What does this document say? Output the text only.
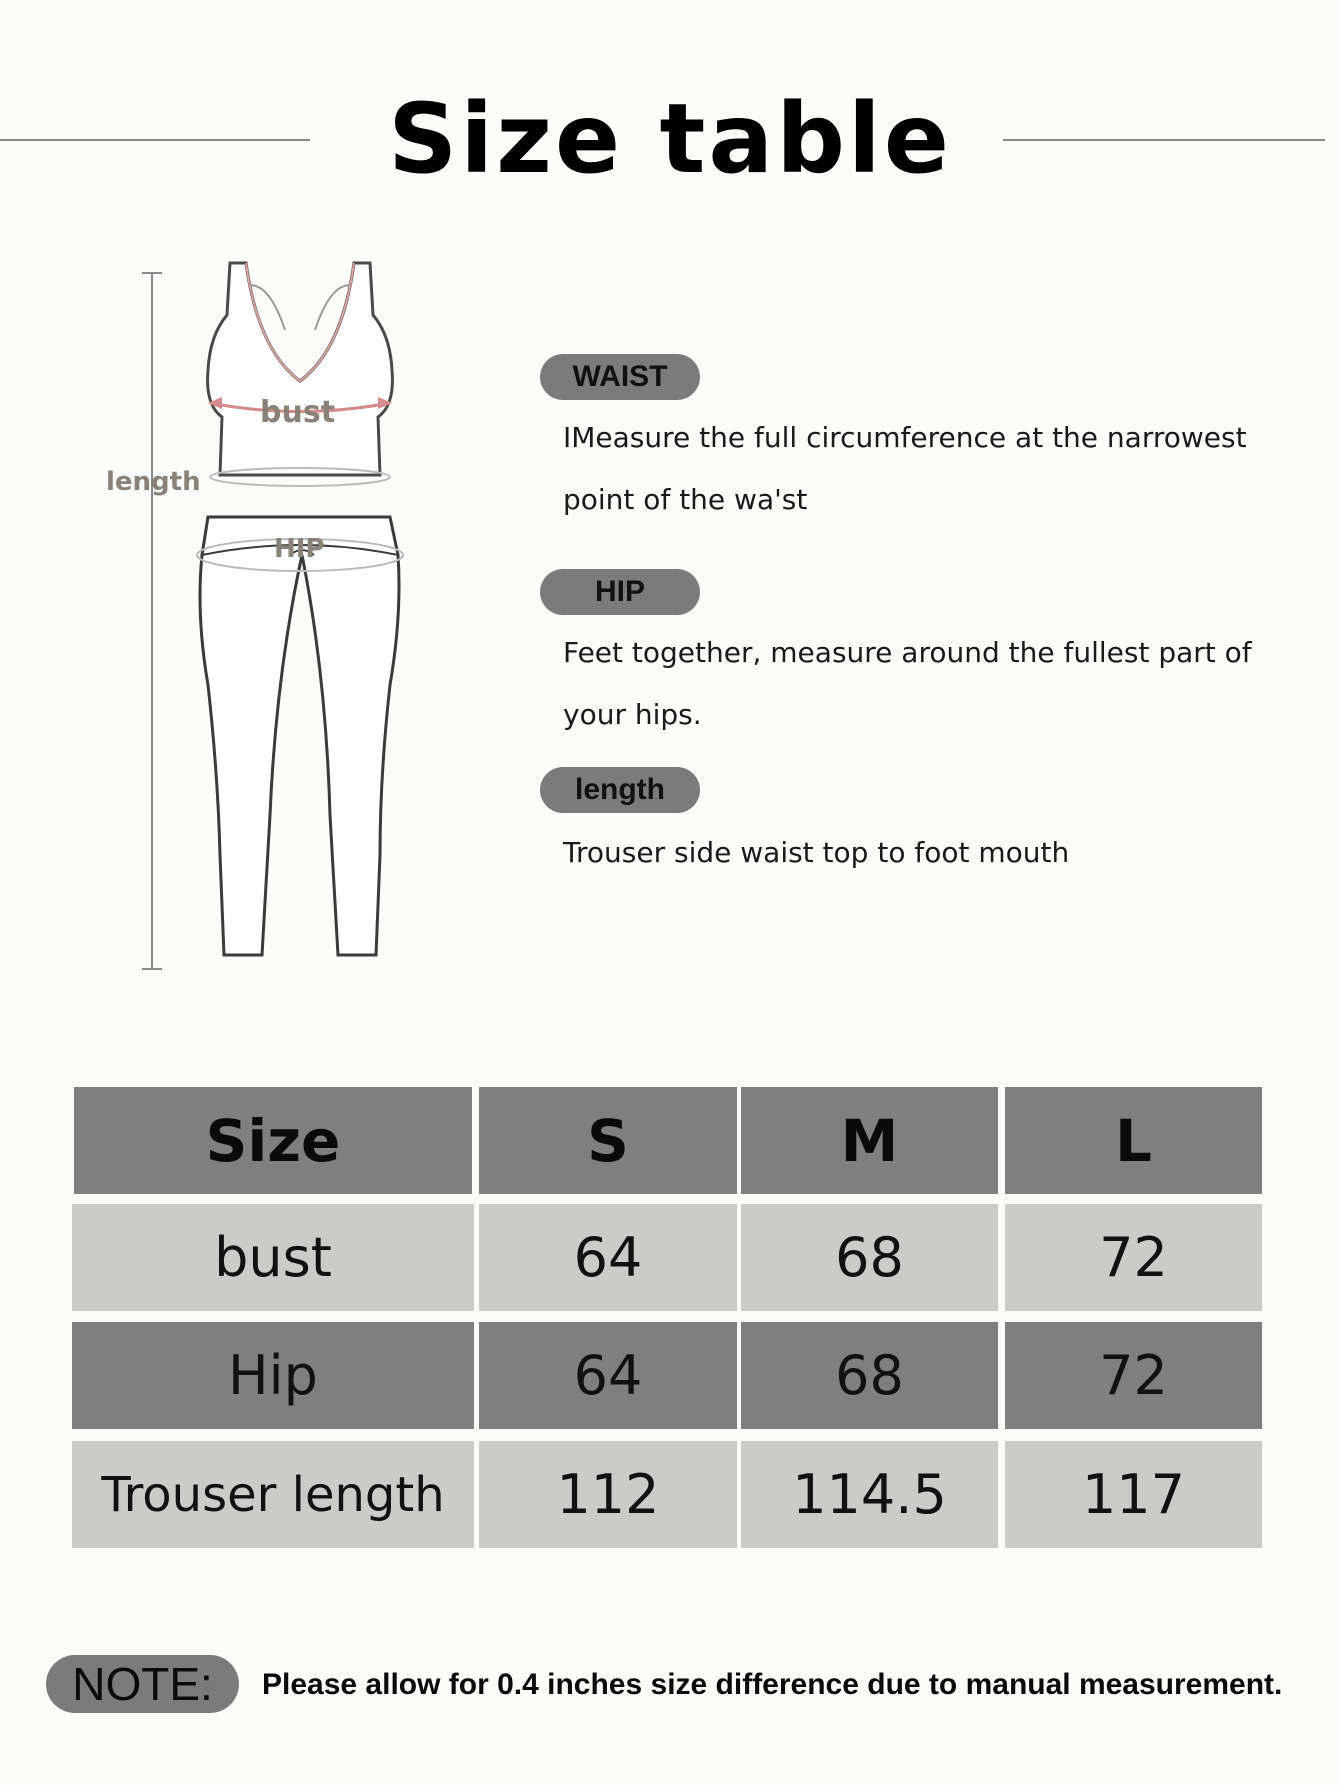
Size table
bust
HIP
length
WAIST
IMeasure the full circumference at the narrowest
point of the wa'st
HIP
Feet together, measure around the fullest part of
your hips.
length
Trouser side waist top to foot mouth
Size	S	M	L
bust	64	68	72
Hip	64	68	72
Trouser length	112	114.5	117
NOTE:	Please allow for 0.4 inches size difference due to manual measurement.
